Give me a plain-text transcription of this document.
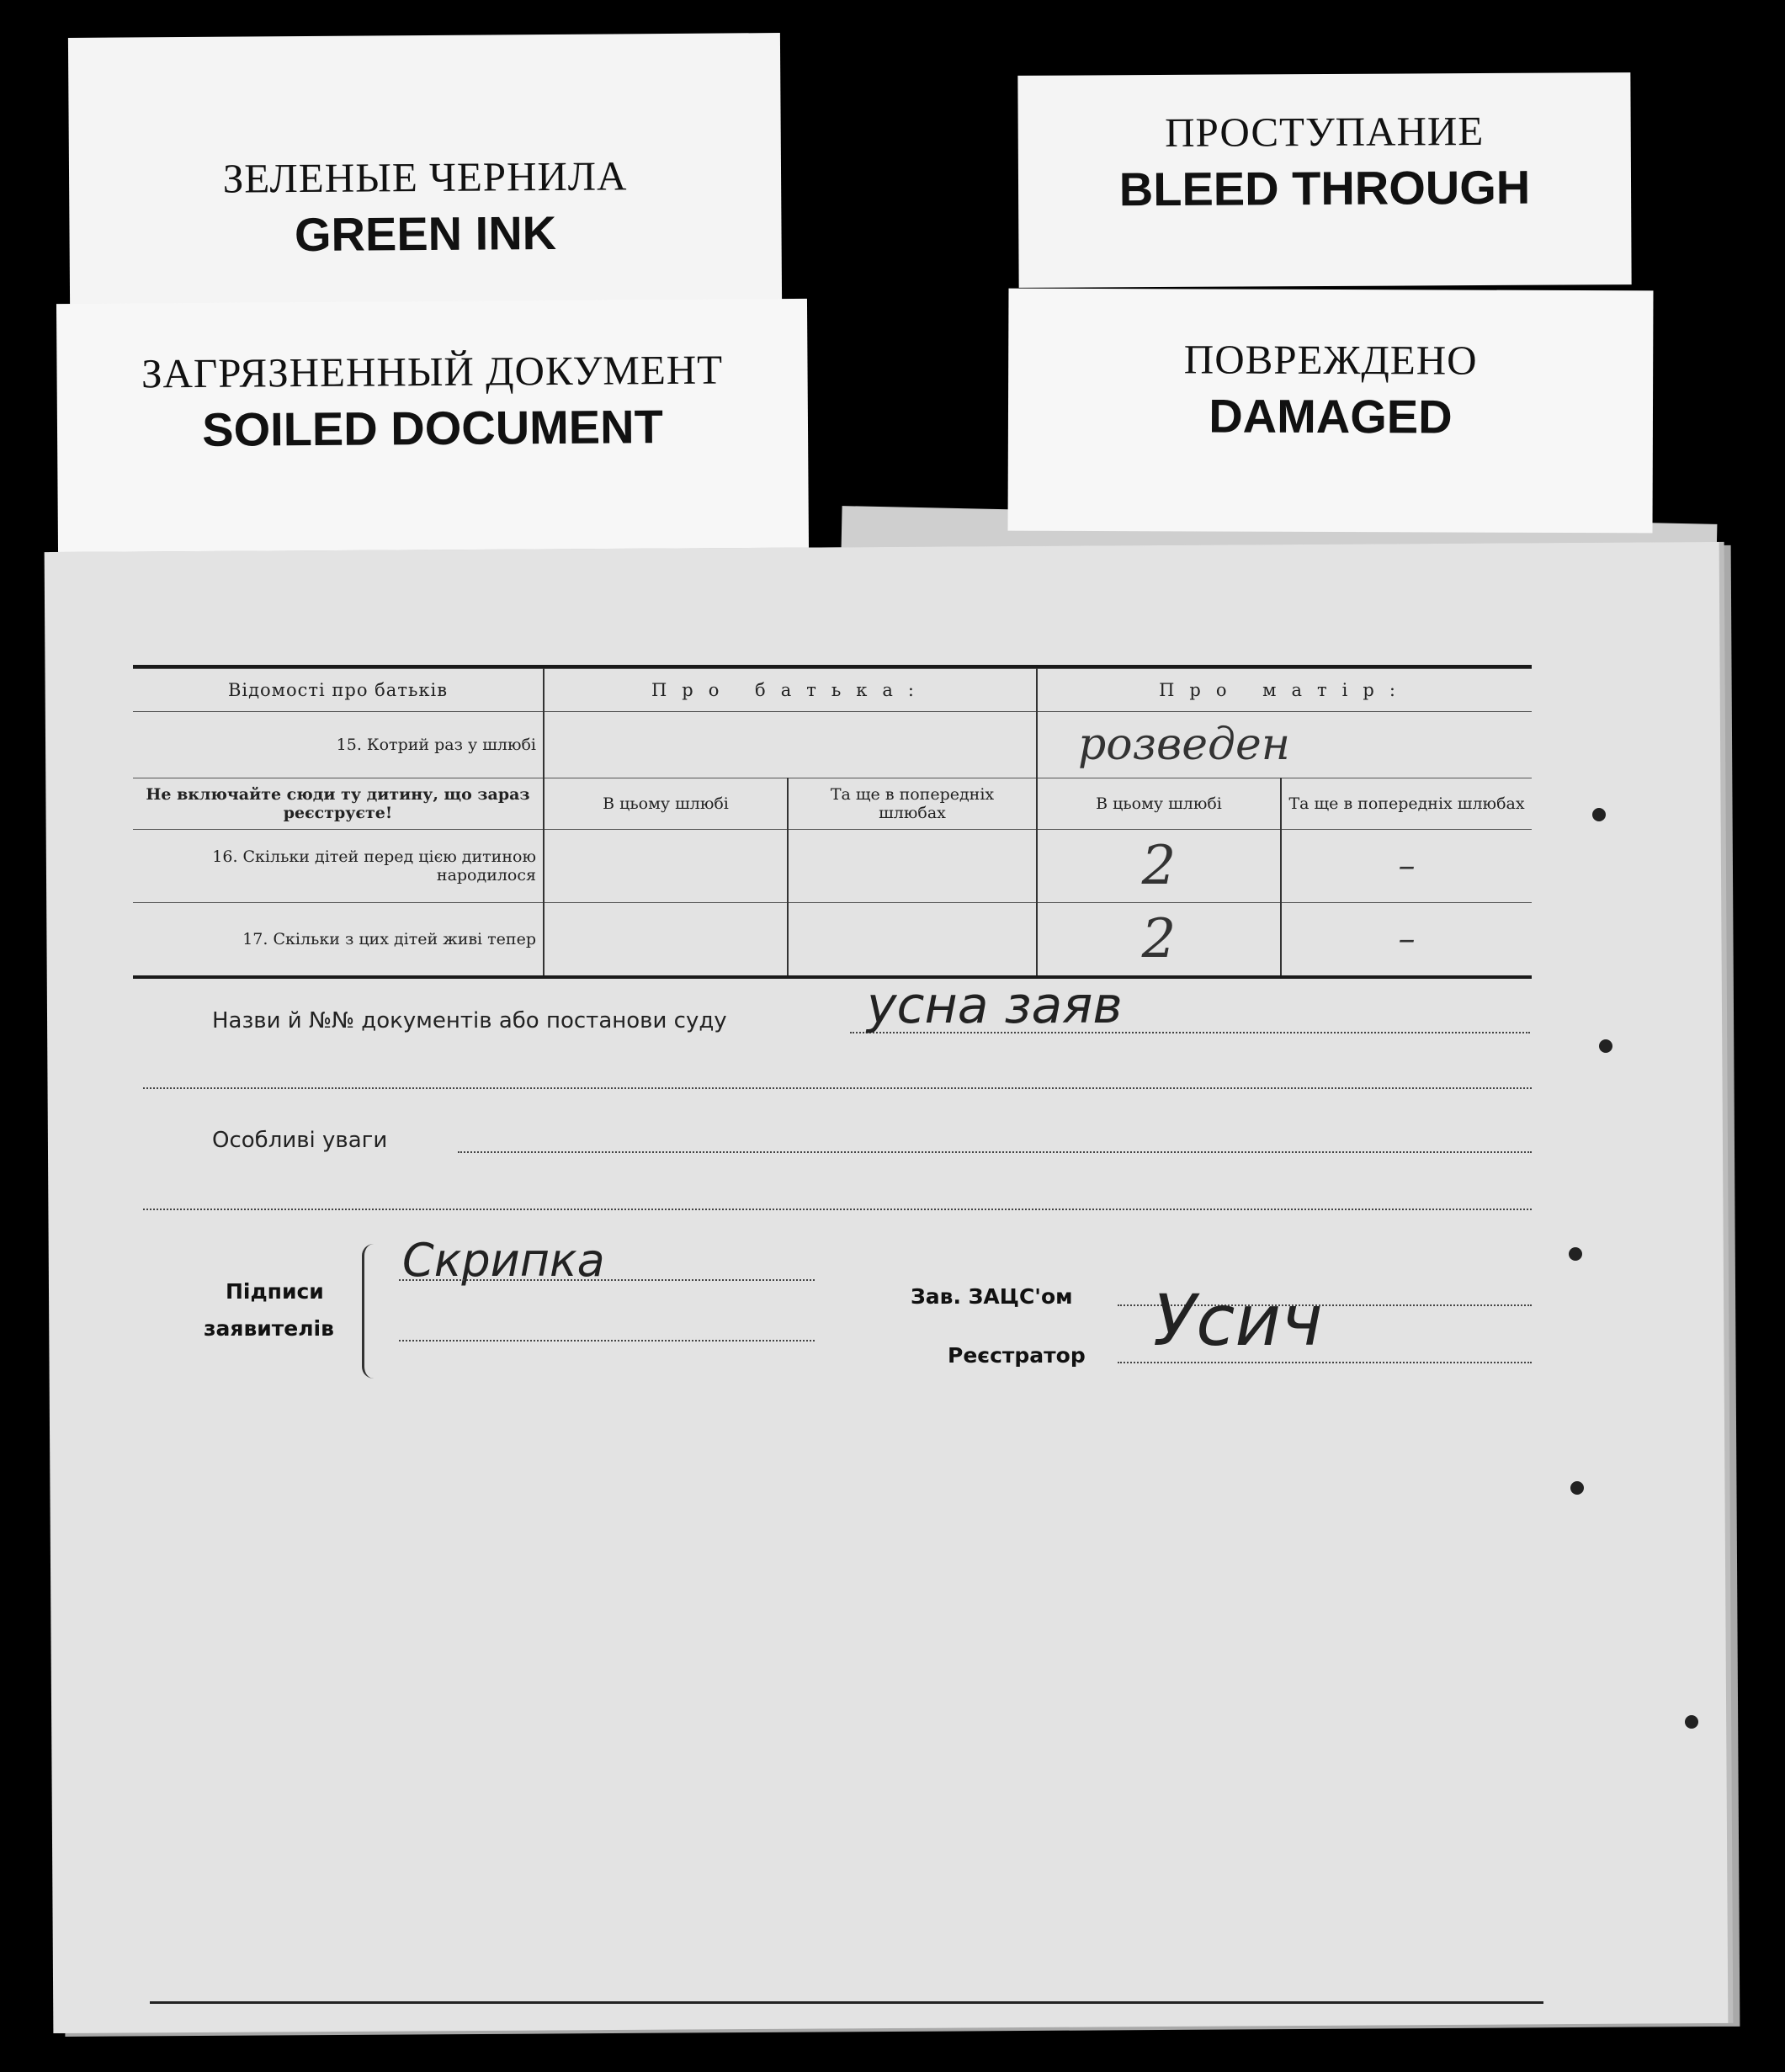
ЗЕЛЕНЫЕ ЧЕРНИЛА
GREEN INK
ПРОСТУПАНИЕ
BLEED THROUGH
ЗАГРЯЗНЕННЫЙ ДОКУМЕНТ
SOILED DOCUMENT
ПОВРЕЖДЕНО
DAMAGED
Відомості про батьків	Про батька:		Про матір:	
15. Котрий раз у шлюбі			розведен	
Не включайте сюди ту дитину, що зараз реєструєте!	В цьому шлюбі	Та ще в попередніх шлюбах	В цьому шлюбі	Та ще в попередніх шлюбах
16. Скільки дітей перед цією дитиною народилося			2	–
17. Скільки з цих дітей живі тепер			2	–
Назви й №№ документів або постанови суду	усна заяв
Особливі уваги
Підписи
заявителів
Скрипка
Зав. ЗАЦС'ом
Реєстратор Усич
